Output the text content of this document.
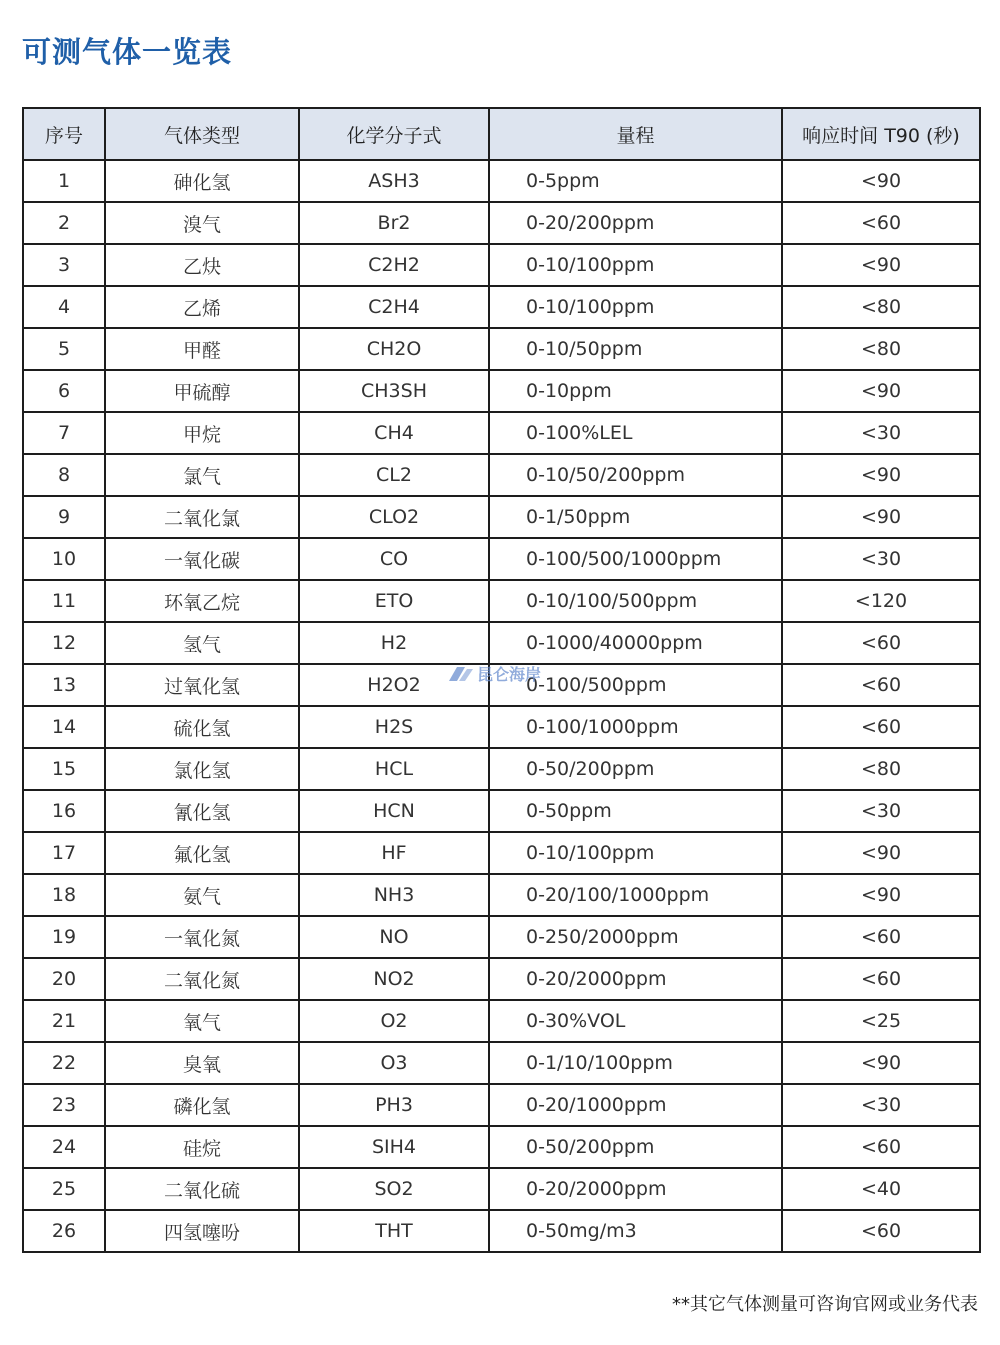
可测气体一览表
序号	气体类型	化学分子式	量程	响应时间 T90 (秒)
1	砷化氢	ASH3	0-5ppm	<90
2	溴气	Br2	0-20/200ppm	<60
3	乙炔	C2H2	0-10/100ppm	<90
4	乙烯	C2H4	0-10/100ppm	<80
5	甲醛	CH2O	0-10/50ppm	<80
6	甲硫醇	CH3SH	0-10ppm	<90
7	甲烷	CH4	0-100%LEL	<30
8	氯气	CL2	0-10/50/200ppm	<90
9	二氧化氯	CLO2	0-1/50ppm	<90
10	一氧化碳	CO	0-100/500/1000ppm	<30
11	环氧乙烷	ETO	0-10/100/500ppm	<120
12	氢气	H2	0-1000/40000ppm	<60
13	过氧化氢	H2O2	0-100/500ppm	<60
14	硫化氢	H2S	0-100/1000ppm	<60
15	氯化氢	HCL	0-50/200ppm	<80
16	氰化氢	HCN	0-50ppm	<30
17	氟化氢	HF	0-10/100ppm	<90
18	氨气	NH3	0-20/100/1000ppm	<90
19	一氧化氮	NO	0-250/2000ppm	<60
20	二氧化氮	NO2	0-20/2000ppm	<60
21	氧气	O2	0-30%VOL	<25
22	臭氧	O3	0-1/10/100ppm	<90
23	磷化氢	PH3	0-20/1000ppm	<30
24	硅烷	SIH4	0-50/200ppm	<60
25	二氧化硫	SO2	0-20/2000ppm	<40
26	四氢噻吩	THT	0-50mg/m3	<60
昆仑海岸
**其它气体测量可咨询官网或业务代表
